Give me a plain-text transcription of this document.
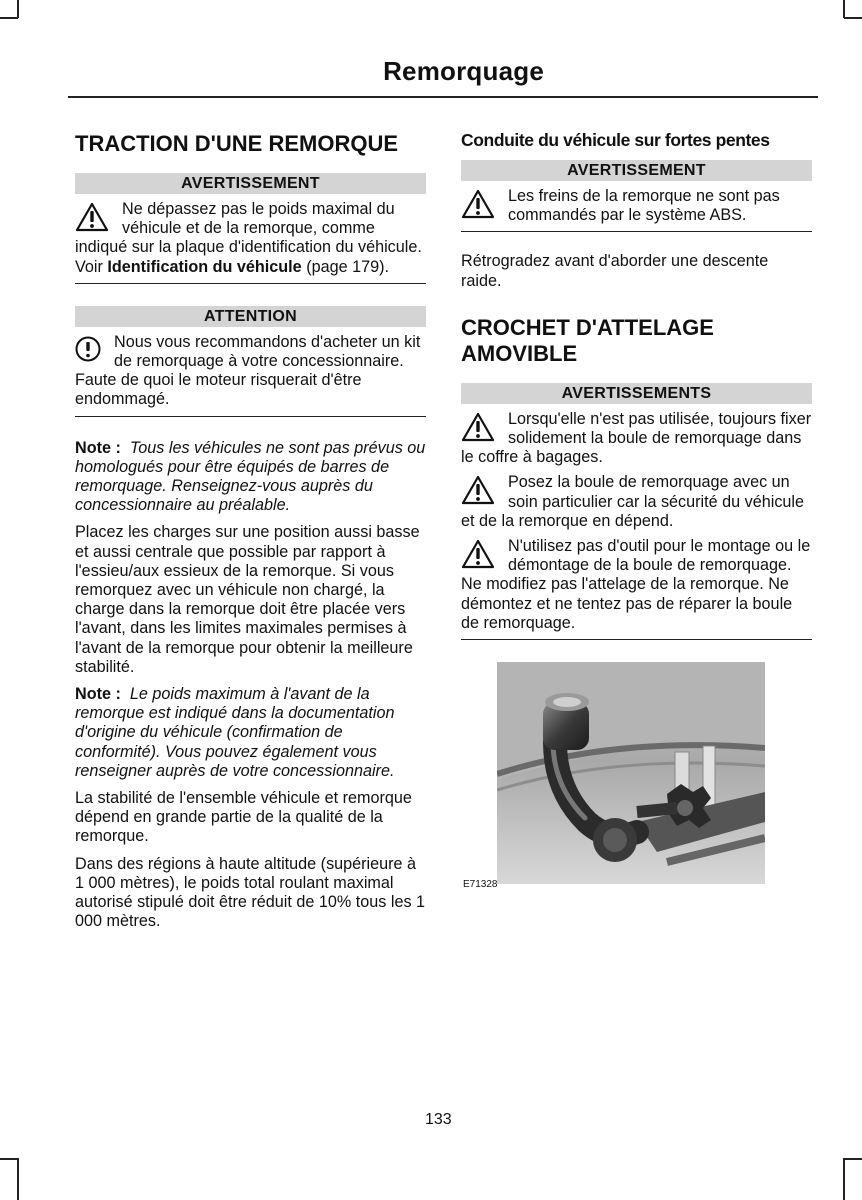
Remorquage
TRACTION D'UNE REMORQUE
AVERTISSEMENT
Ne dépassez pas le poids maximal du véhicule et de la remorque, comme indiqué sur la plaque d'identification du véhicule. Voir Identification du véhicule (page 179).
ATTENTION
Nous vous recommandons d'acheter un kit de remorquage à votre concessionnaire. Faute de quoi le moteur risquerait d'être endommagé.

Note : Tous les véhicules ne sont pas prévus ou homologués pour être équipés de barres de remorquage. Renseignez-vous auprès du concessionnaire au préalable.

Placez les charges sur une position aussi basse et aussi centrale que possible par rapport à l'essieu/aux essieux de la remorque. Si vous remorquez avec un véhicule non chargé, la charge dans la remorque doit être placée vers l'avant, dans les limites maximales permises à l'avant de la remorque pour obtenir la meilleure stabilité.

Note : Le poids maximum à l'avant de la remorque est indiqué dans la documentation d'origine du véhicule (confirmation de conformité). Vous pouvez également vous renseigner auprès de votre concessionnaire.

La stabilité de l'ensemble véhicule et remorque dépend en grande partie de la qualité de la remorque.

Dans des régions à haute altitude (supérieure à 1 000 mètres), le poids total roulant maximal autorisé stipulé doit être réduit de 10% tous les 1 000 mètres.

Conduite du véhicule sur fortes pentes
AVERTISSEMENT
Les freins de la remorque ne sont pas commandés par le système ABS.

Rétrogradez avant d'aborder une descente raide.

CROCHET D'ATTELAGE AMOVIBLE
AVERTISSEMENTS
Lorsqu'elle n'est pas utilisée, toujours fixer solidement la boule de remorquage dans le coffre à bagages.
Posez la boule de remorquage avec un soin particulier car la sécurité du véhicule et de la remorque en dépend.
N'utilisez pas d'outil pour le montage ou le démontage de la boule de remorquage. Ne modifiez pas l'attelage de la remorque. Ne démontez et ne tentez pas de réparer la boule de remorquage.
E71328
133
